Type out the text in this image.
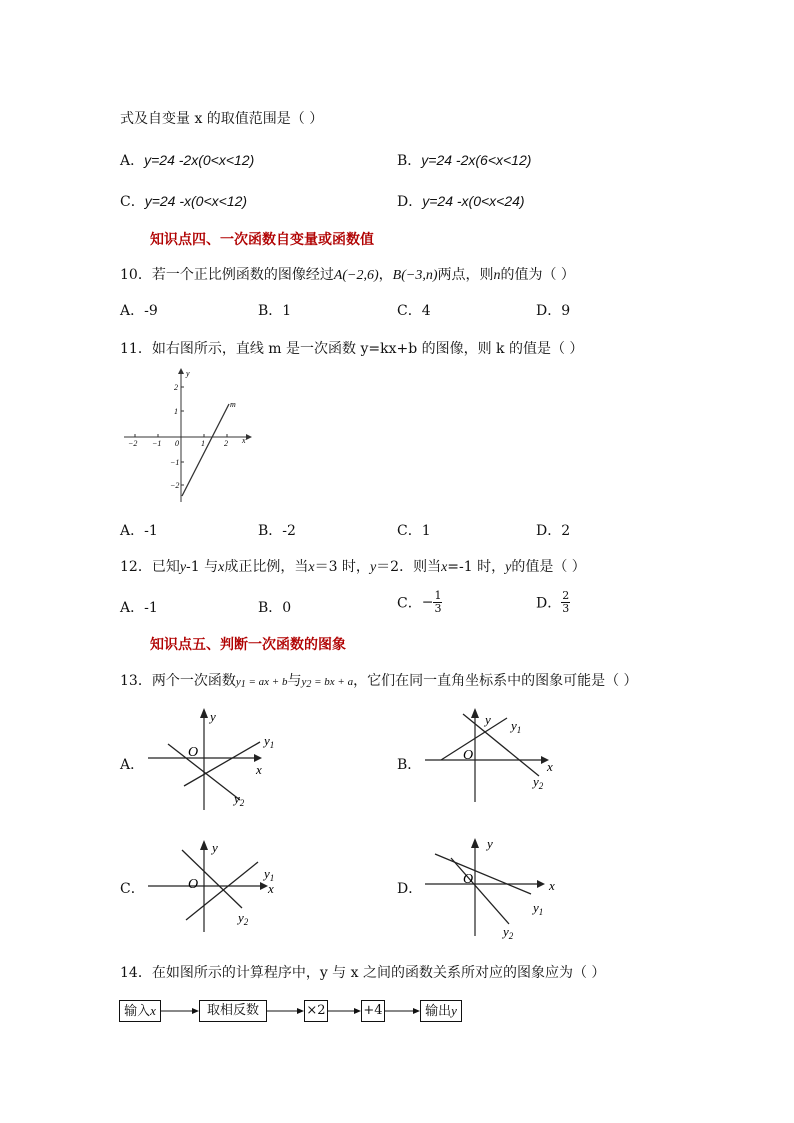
式及自变量 x 的取值范围是（ ）
A．y=24 -2x(0<x<12)	B．y=24 -2x(6<x<12)
C．y=24 -x(0<x<12)	D．y=24 -x(0<x<24)
知识点四、一次函数自变量或函数值
10．若一个正比例函数的图像经过A(−2,6)，B(−3,n)两点，则n的值为（ ）
A．-9	B．1	C．4	D．9
11．如右图所示，直线 m 是一次函数 y=kx+b 的图像，则 k 的值是（ ）
−2 −1 0	1 2
2
1
−1
−2
y
x
m
A．-1	B．-2	C．1	D．2
12．已知y-1 与x成正比例，当x＝3 时，y＝2．则当x=-1 时，y的值是（ ）
A．-1	B．0	C．− $\frac{1}{3}$	D． $\frac{2}{3}$
知识点五、判断一次函数的图象
13．两个一次函数y1 = ax + b与y2 = bx + a，它们在同一直角坐标系中的图象可能是（ ）
A．
y
O
x
$y_1$
$y_2$
B．
y
O
x
$y_1$
$y_2$
C．
y
O	x
$y_1$
$y_2$
D．
y
O	x
$y_1$
$y_2$
14．在如图所示的计算程序中，y 与 x 之间的函数关系所对应的图象应为（ ）
输入x	取相反数	×2	+4	输出y
